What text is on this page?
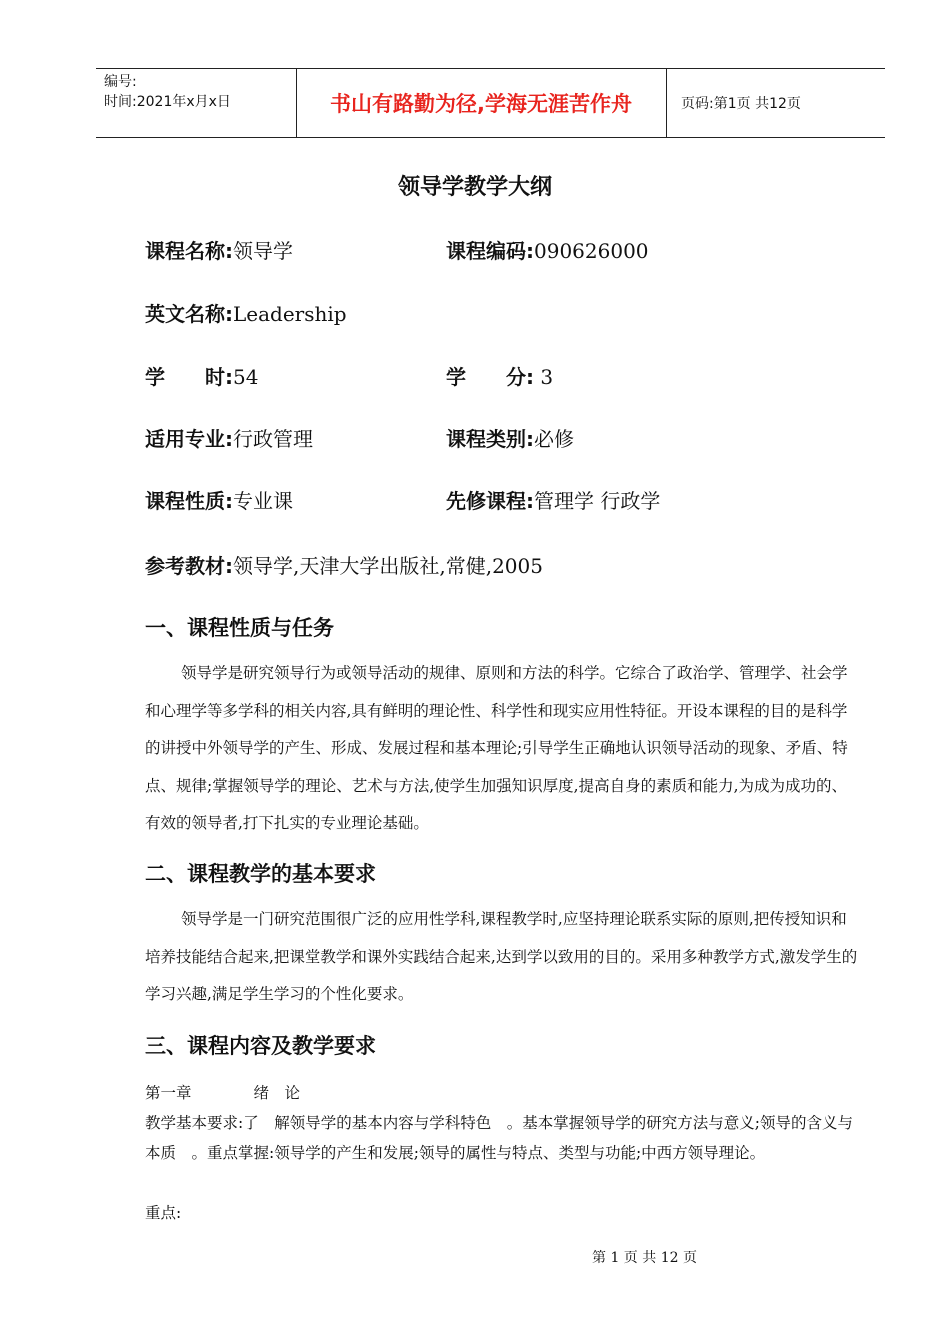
编号:
时间:2021年x月x日	书山有路勤为径,学海无涯苦作舟	页码:第1页 共12页
领导学教学大纲
课程名称:领导学	课程编码:090626000
英文名称:Leadership
学　　时:54	学　　分: 3
适用专业:行政管理	课程类别:必修
课程性质:专业课	先修课程:管理学 行政学
参考教材:领导学,天津大学出版社,常健,2005
一、课程性质与任务
领导学是研究领导行为或领导活动的规律、原则和方法的科学。它综合了政治学、管理学、社会学和心理学等多学科的相关内容,具有鲜明的理论性、科学性和现实应用性特征。开设本课程的目的是科学的讲授中外领导学的产生、形成、发展过程和基本理论;引导学生正确地认识领导活动的现象、矛盾、特点、规律;掌握领导学的理论、艺术与方法,使学生加强知识厚度,提高自身的素质和能力,为成为成功的、有效的领导者,打下扎实的专业理论基础。
二、课程教学的基本要求
领导学是一门研究范围很广泛的应用性学科,课程教学时,应坚持理论联系实际的原则,把传授知识和培养技能结合起来,把课堂教学和课外实践结合起来,达到学以致用的目的。采用多种教学方式,激发学生的学习兴趣,满足学生学习的个性化要求。
三、课程内容及教学要求
第一章　　　　绪　论
教学基本要求:了　解领导学的基本内容与学科特色　。基本掌握领导学的研究方法与意义;领导的含义与本质　。重点掌握:领导学的产生和发展;领导的属性与特点、类型与功能;中西方领导理论。
重点:
第 1 页 共 12 页
